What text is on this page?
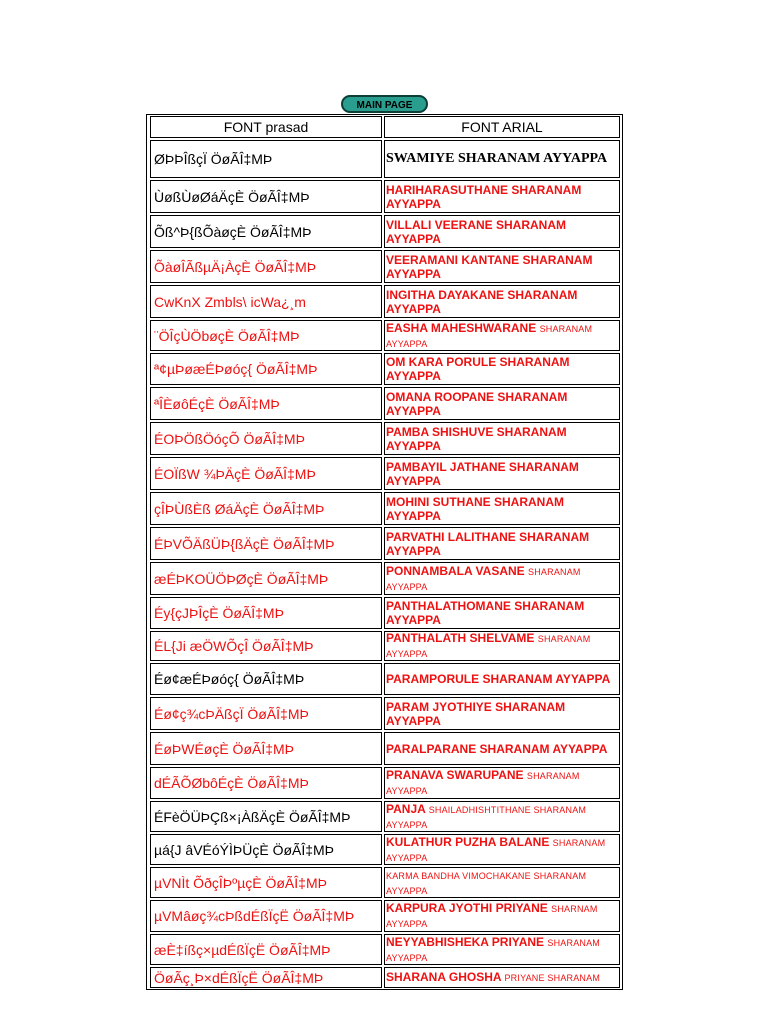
MAIN PAGE
FONT prasad	FONT ARIAL
ØÞÞÎßçÏ ÖøÃÎ‡MÞ	SWAMIYE SHARANAM AYYAPPA
ÙøßÙøØáÄçÈ ÖøÃÎ‡MÞ	HARIHARASUTHANE SHARANAM AYYAPPA
Õß^Þ{ßÕàøçÈ ÖøÃÎ‡MÞ	VILLALI VEERANE SHARANAM AYYAPPA
ÕàøÎÃßµÄ¡ÀçÈ ÖøÃÎ‡MÞ	VEERAMANI KANTANE SHARANAM AYYAPPA
CwKnX Zmbls\ icWa¿¸m	INGITHA DAYAKANE SHARANAM AYYAPPA
¨ÖÎçÙÖbøçÈ ÖøÃÎ‡MÞ	EASHA MAHESHWARANE SHARANAM AYYAPPA
ª¢µÞøæÉÞøóç{ ÖøÃÎ‡MÞ	OM KARA PORULE SHARANAM AYYAPPA
ªÎÈøôÉçÈ ÖøÃÎ‡MÞ	OMANA ROOPANE SHARANAM AYYAPPA
ÉOÞÖßÖóçÕ ÖøÃÎ‡MÞ	PAMBA SHISHUVE SHARANAM AYYAPPA
ÉOÏßW ¾ÞÄçÈ ÖøÃÎ‡MÞ	PAMBAYIL JATHANE SHARANAM AYYAPPA
çÎÞÙßÈß ØáÄçÈ ÖøÃÎ‡MÞ	MOHINI SUTHANE SHARANAM AYYAPPA
ÉÞVÕÄßÜÞ{ßÄçÈ ÖøÃÎ‡MÞ	PARVATHI LALITHANE SHARANAM AYYAPPA
æÉÞKOÜÖÞØçÈ ÖøÃÎ‡MÞ	PONNAMBALA VASANE SHARANAM AYYAPPA
Éy{çJÞÎçÈ ÖøÃÎ‡MÞ	PANTHALATHOMANE SHARANAM AYYAPPA
ÉL{Ji æÖWÕçÎ ÖøÃÎ‡MÞ	PANTHALATH SHELVAME SHARANAM AYYAPPA
Éø¢æÉÞøóç{ ÖøÃÎ‡MÞ	PARAMPORULE SHARANAM AYYAPPA
Éø¢ç¾cÞÄßçÏ ÖøÃÎ‡MÞ	PARAM JYOTHIYE SHARANAM AYYAPPA
ÉøÞWÉøçÈ ÖøÃÎ‡MÞ	PARALPARANE SHARANAM AYYAPPA
dÉÃÕØbôÉçÈ ÖøÃÎ‡MÞ	PRANAVA SWARUPANE SHARANAM AYYAPPA
ÉFèÖÜÞÇß×¡ÀßÄçÈ ÖøÃÎ‡MÞ	PANJA SHAILADHISHTITHANE SHARANAM AYYAPPA
µá{J âVÉóÝÌÞÜçÈ ÖøÃÎ‡MÞ	KULATHUR PUZHA BALANE SHARANAM AYYAPPA
µVNÌt ÕðçÎÞºµçÈ ÖøÃÎ‡MÞ	KARMA BANDHA VIMOCHAKANE SHARANAM AYYAPPA
µVMâøç¾cÞßdÉßÏçË ÖøÃÎ‡MÞ	KARPURA JYOTHI PRIYANE SHARNAM AYYAPPA
æÈ‡íßç×µdÉßÏçË ÖøÃÎ‡MÞ	NEYYABHISHEKA PRIYANE SHARANAM AYYAPPA
ÖøÃç¸Þ×dÉßÏçË ÖøÃÎ‡MÞ	SHARANA GHOSHA PRIYANE SHARANAM
